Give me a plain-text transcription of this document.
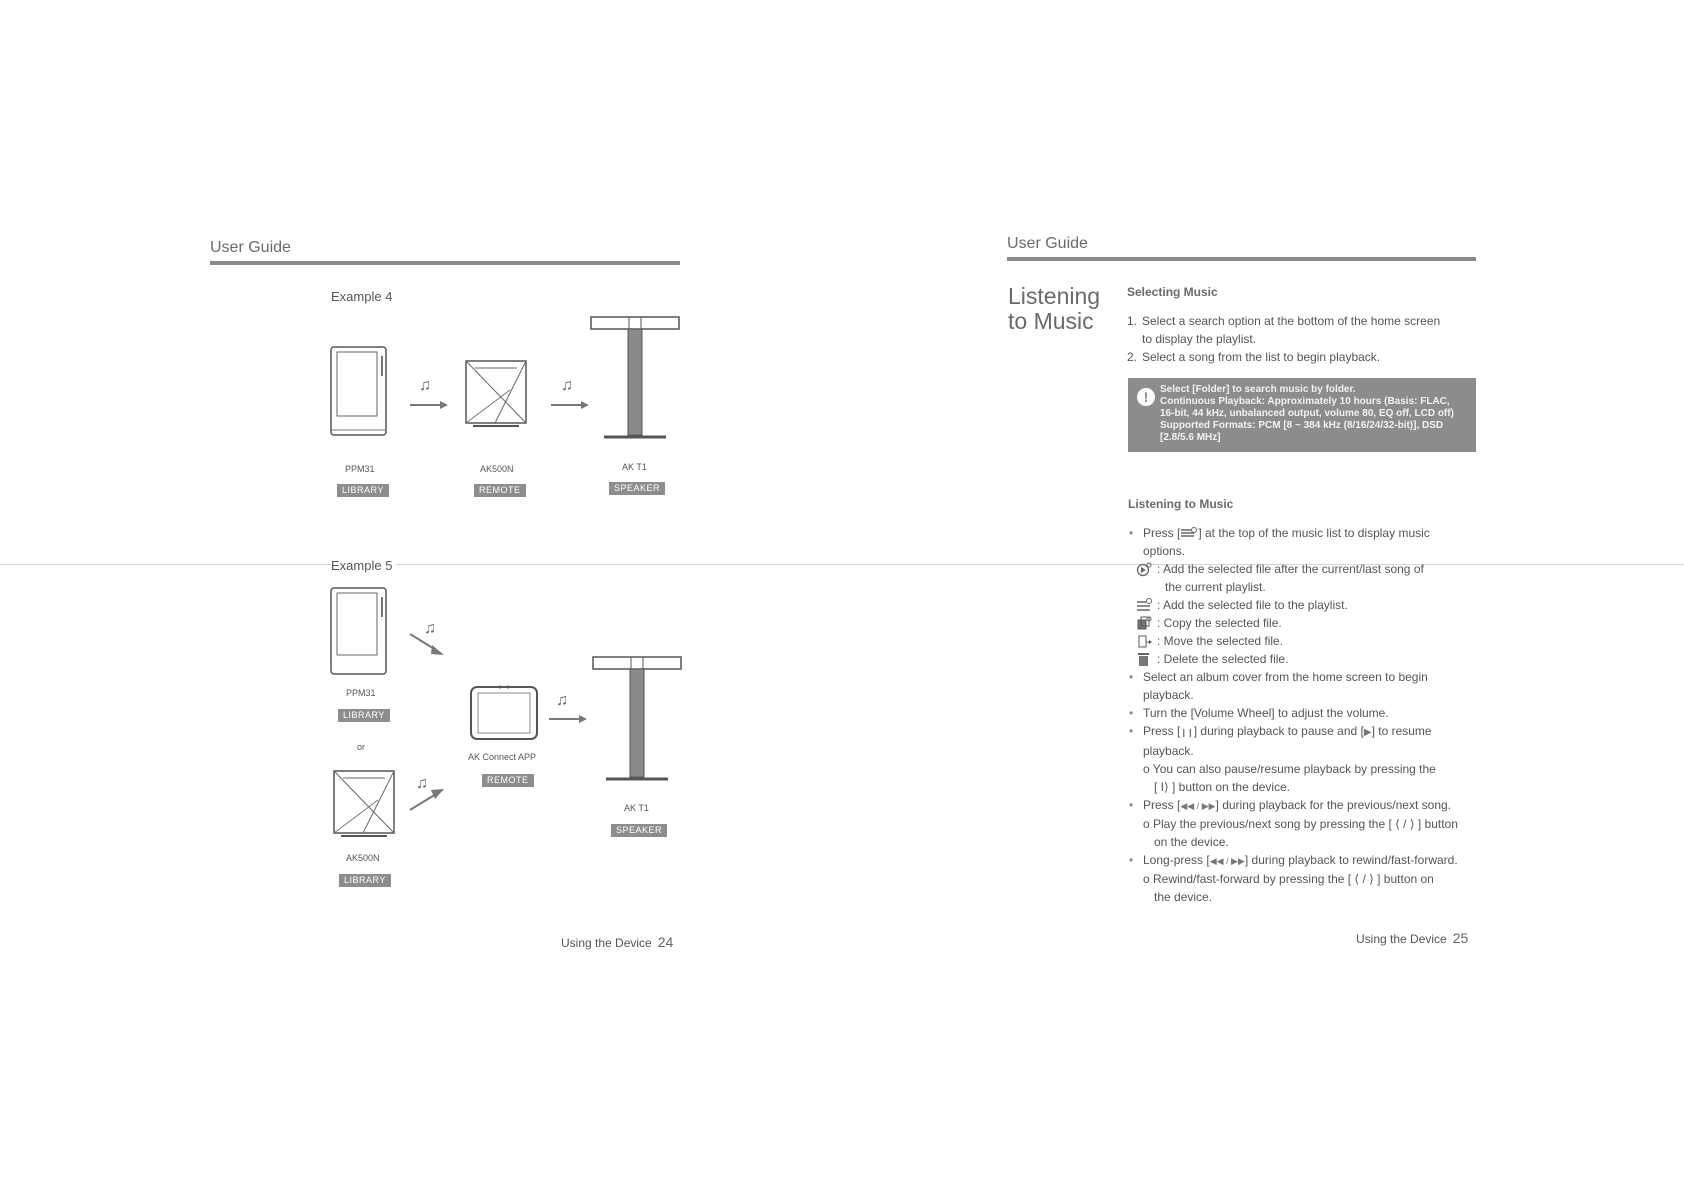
User Guide
Example 4
♫	♫
PPM31
LIBRARY
AK500N
REMOTE
AK T1
SPEAKER
Example 5
♫
PPM31
LIBRARY
or
♫
AK500N
LIBRARY
AK Connect APP
REMOTE
♫
AK T1
SPEAKER
Using the Device 24
User Guide
Listening
to Music
Selecting Music
1. Select a search option at the bottom of the home screen
to display the playlist.
2. Select a song from the list to begin playback.
!	Select [Folder] to search music by folder.
Continuous Playback: Approximately 10 hours (Basis: FLAC,
16-bit, 44 kHz, unbalanced output, volume 80, EQ off, LCD off)
Supported Formats: PCM [8 ~ 384 kHz (8/16/24/32-bit)], DSD
[2.8/5.6 MHz]
Listening to Music
• Press [ ] at the top of the music list to display music
options.
: Add the selected file after the current/last song of
the current playlist.
: Add the selected file to the playlist.
: Copy the selected file.
: Move the selected file.
: Delete the selected file.
• Select an album cover from the home screen to begin
playback.
• Turn the [Volume Wheel] to adjust the volume.
• Press [❙❙] during playback to pause and [▶] to resume
playback.
o You can also pause/resume playback by pressing the
[ I⟩ ] button on the device.
• Press [◀◀ / ▶▶] during playback for the previous/next song.
o Play the previous/next song by pressing the [ ⟨ / ⟩ ] button
on the device.
• Long-press [◀◀ / ▶▶] during playback to rewind/fast-forward.
o Rewind/fast-forward by pressing the [ ⟨ / ⟩ ] button on
the device.
Using the Device 25
